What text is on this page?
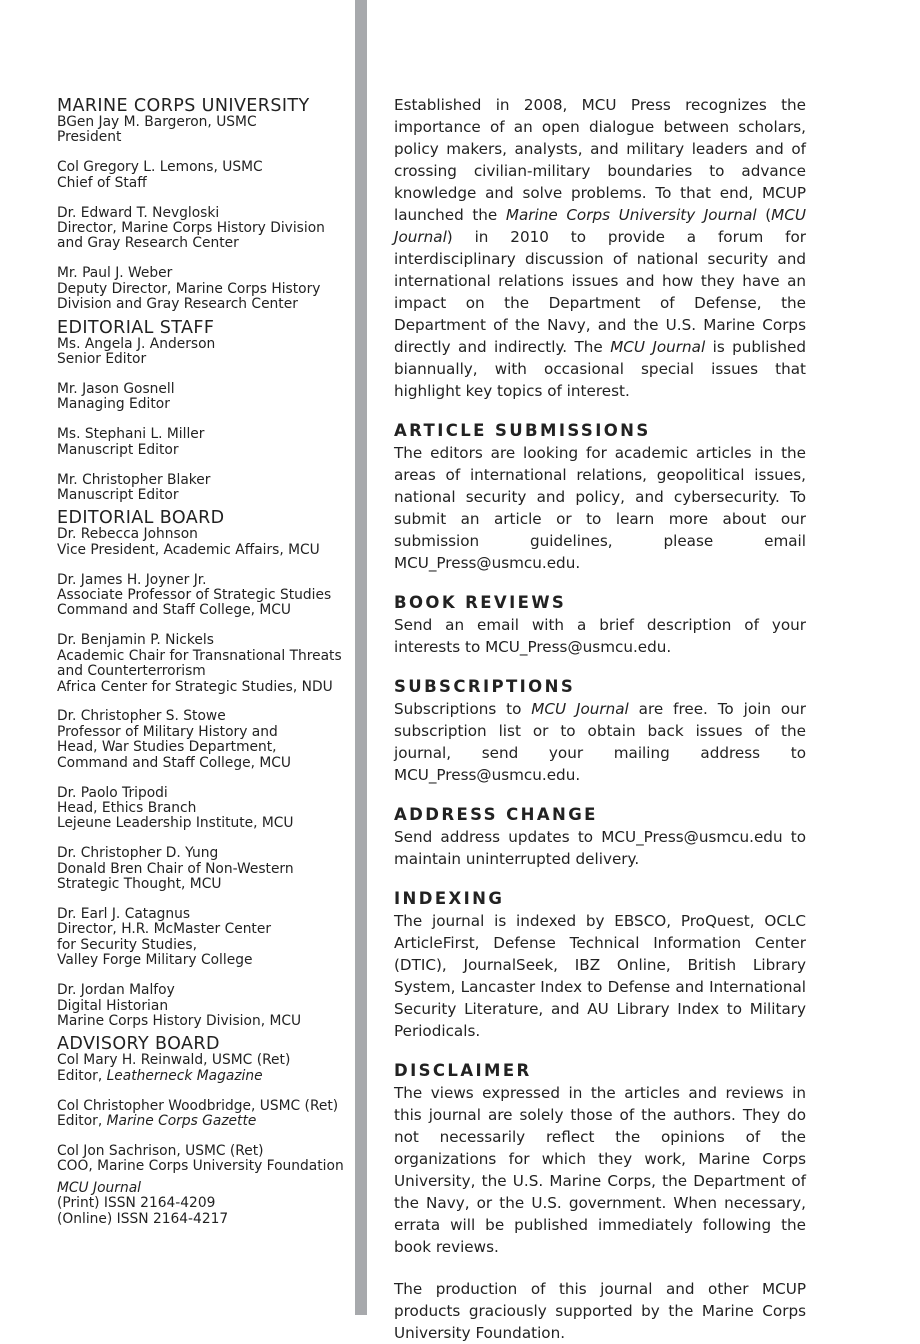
MARINE CORPS UNIVERSITY
BGen Jay M. Bargeron, USMC
President
Col Gregory L. Lemons, USMC
Chief of Staff
Dr. Edward T. Nevgloski
Director, Marine Corps History Division
and Gray Research Center
Mr. Paul J. Weber
Deputy Director, Marine Corps History
Division and Gray Research Center
EDITORIAL STAFF
Ms. Angela J. Anderson
Senior Editor
Mr. Jason Gosnell
Managing Editor
Ms. Stephani L. Miller
Manuscript Editor
Mr. Christopher Blaker
Manuscript Editor
EDITORIAL BOARD
Dr. Rebecca Johnson
Vice President, Academic Affairs, MCU
Dr. James H. Joyner Jr.
Associate Professor of Strategic Studies
Command and Staff College, MCU
Dr. Benjamin P. Nickels
Academic Chair for Transnational Threats
and Counterterrorism
Africa Center for Strategic Studies, NDU
Dr. Christopher S. Stowe
Professor of Military History and
Head, War Studies Department,
Command and Staff College, MCU
Dr. Paolo Tripodi
Head, Ethics Branch
Lejeune Leadership Institute, MCU
Dr. Christopher D. Yung
Donald Bren Chair of Non-Western
Strategic Thought, MCU
Dr. Earl J. Catagnus
Director, H.R. McMaster Center
for Security Studies,
Valley Forge Military College
Dr. Jordan Malfoy
Digital Historian
Marine Corps History Division, MCU
ADVISORY BOARD
Col Mary H. Reinwald, USMC (Ret)
Editor, Leatherneck Magazine
Col Christopher Woodbridge, USMC (Ret)
Editor, Marine Corps Gazette
Col Jon Sachrison, USMC (Ret)
COO, Marine Corps University Foundation
MCU Journal
(Print) ISSN 2164-4209
(Online) ISSN 2164-4217

Established in 2008, MCU Press recognizes the importance of an open dialogue between scholars, policy makers, analysts, and military leaders and of crossing civilian-military boundaries to advance knowledge and solve problems. To that end, MCUP launched the Marine Corps University Journal (MCU Journal) in 2010 to provide a forum for interdisciplinary discussion of national security and international relations issues and how they have an impact on the Department of Defense, the Department of the Navy, and the U.S. Marine Corps directly and indirectly. The MCU Journal is published biannually, with occasional special issues that highlight key topics of interest.

ARTICLE SUBMISSIONS

The editors are looking for academic articles in the areas of international relations, geopolitical issues, national security and policy, and cybersecurity. To submit an article or to learn more about our submission guidelines, please email MCU_Press@usmcu.edu.

BOOK REVIEWS

Send an email with a brief description of your interests to MCU_Press@usmcu.edu.

SUBSCRIPTIONS

Subscriptions to MCU Journal are free. To join our subscription list or to obtain back issues of the journal, send your mailing address to MCU_Press@usmcu.edu.

ADDRESS CHANGE

Send address updates to MCU_Press@usmcu.edu to maintain uninterrupted delivery.

INDEXING

The journal is indexed by EBSCO, ProQuest, OCLC ArticleFirst, Defense Technical Information Center (DTIC), JournalSeek, IBZ Online, British Library System, Lancaster Index to Defense and International Security Literature, and AU Library Index to Military Periodicals.

DISCLAIMER

The views expressed in the articles and reviews in this journal are solely those of the authors. They do not necessarily reflect the opinions of the organizations for which they work, Marine Corps University, the U.S. Marine Corps, the Department of the Navy, or the U.S. government. When necessary, errata will be published immediately following the book reviews.

The production of this journal and other MCUP products graciously supported by the Marine Corps University Foundation.
